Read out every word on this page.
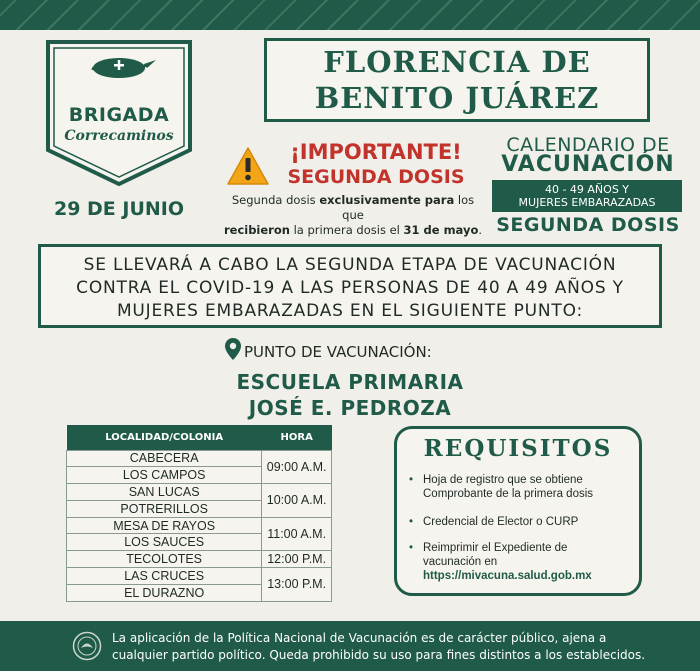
BRIGADA
Correcaminos
29 DE JUNIO
FLORENCIA DE
BENITO JUÁREZ
¡IMPORTANTE!
SEGUNDA DOSIS
Segunda dosis exclusivamente para los que
recibieron la primera dosis el 31 de mayo.
CALENDARIO DE
VACUNACIÓN
40 - 49 AÑOS Y
MUJERES EMBARAZADAS
SEGUNDA DOSIS
SE LLEVARÁ A CABO LA SEGUNDA ETAPA DE VACUNACIÓN
CONTRA EL COVID-19 A LAS PERSONAS DE 40 A 49 AÑOS Y
MUJERES EMBARAZADAS EN EL SIGUIENTE PUNTO:
PUNTO DE VACUNACIÓN:
ESCUELA PRIMARIA
JOSÉ E. PEDROZA
LOCALIDAD/COLONIA	HORA
CABECERA	09:00 A.M.
LOS CAMPOS	
SAN LUCAS	10:00 A.M.
POTRERILLOS	
MESA DE RAYOS	11:00 A.M.
LOS SAUCES	
TECOLOTES	12:00 P.M.
LAS CRUCES	13:00 P.M.
EL DURAZNO	
REQUISITOS
• Hoja de registro que se obtiene
Comprobante de la primera dosis
• Credencial de Elector o CURP
• Reimprimir el Expediente de
vacunación en
https://mivacuna.salud.gob.mx
La aplicación de la Política Nacional de Vacunación es de carácter público, ajena a
cualquier partido político. Queda prohibido su uso para fines distintos a los establecidos.
